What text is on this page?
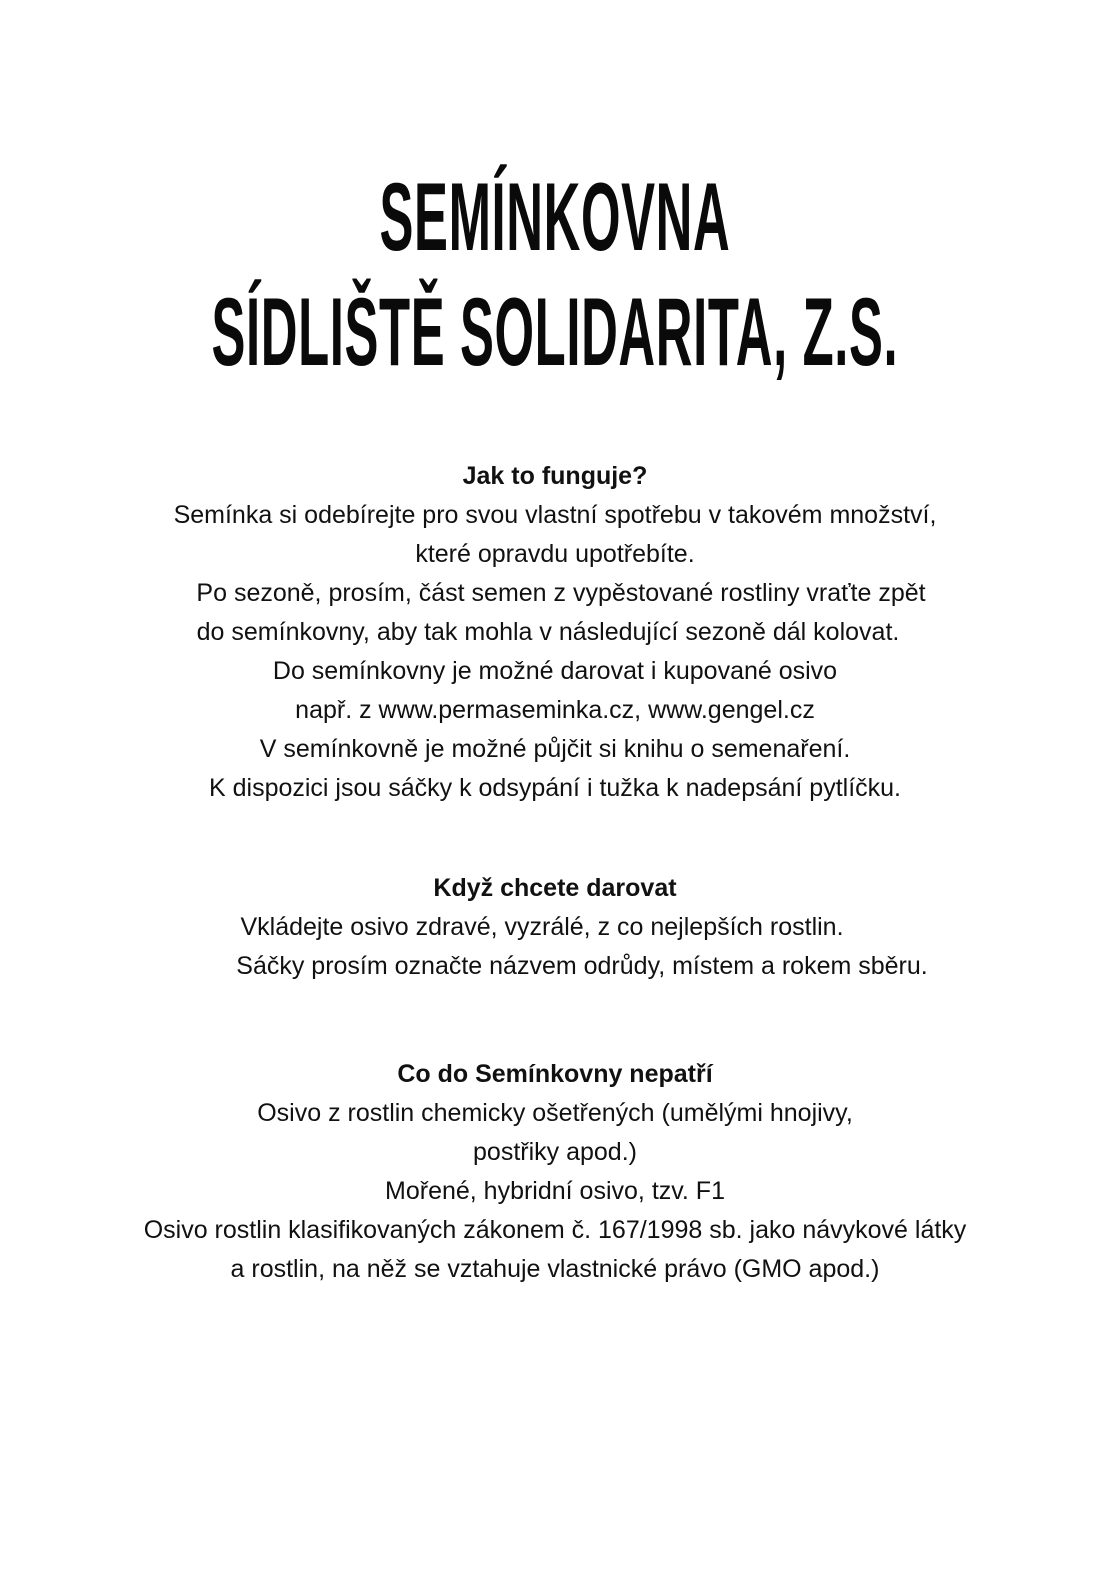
SEMÍNKOVNA
SÍDLIŠTĚ SOLIDARITA, Z.S.
Jak to funguje?
Semínka si odebírejte pro svou vlastní spotřebu v takovém množství,
které opravdu upotřebíte.
Po sezoně, prosím, část semen z vypěstované rostliny vraťte zpět
do semínkovny, aby tak mohla v následující sezoně dál kolovat.
Do semínkovny je možné darovat i kupované osivo
např. z www.permaseminka.cz, www.gengel.cz
V semínkovně je možné půjčit si knihu o semenaření.
K dispozici jsou sáčky k odsypání i tužka k nadepsání pytlíčku.
Když chcete darovat
Vkládejte osivo zdravé, vyzrálé, z co nejlepších rostlin.
Sáčky prosím označte názvem odrůdy, místem a rokem sběru.
Co do Semínkovny nepatří
Osivo z rostlin chemicky ošetřených (umělými hnojivy,
postřiky apod.)
Mořené, hybridní osivo, tzv. F1
Osivo rostlin klasifikovaných zákonem č. 167/1998 sb. jako návykové látky
a rostlin, na něž se vztahuje vlastnické právo (GMO apod.)
